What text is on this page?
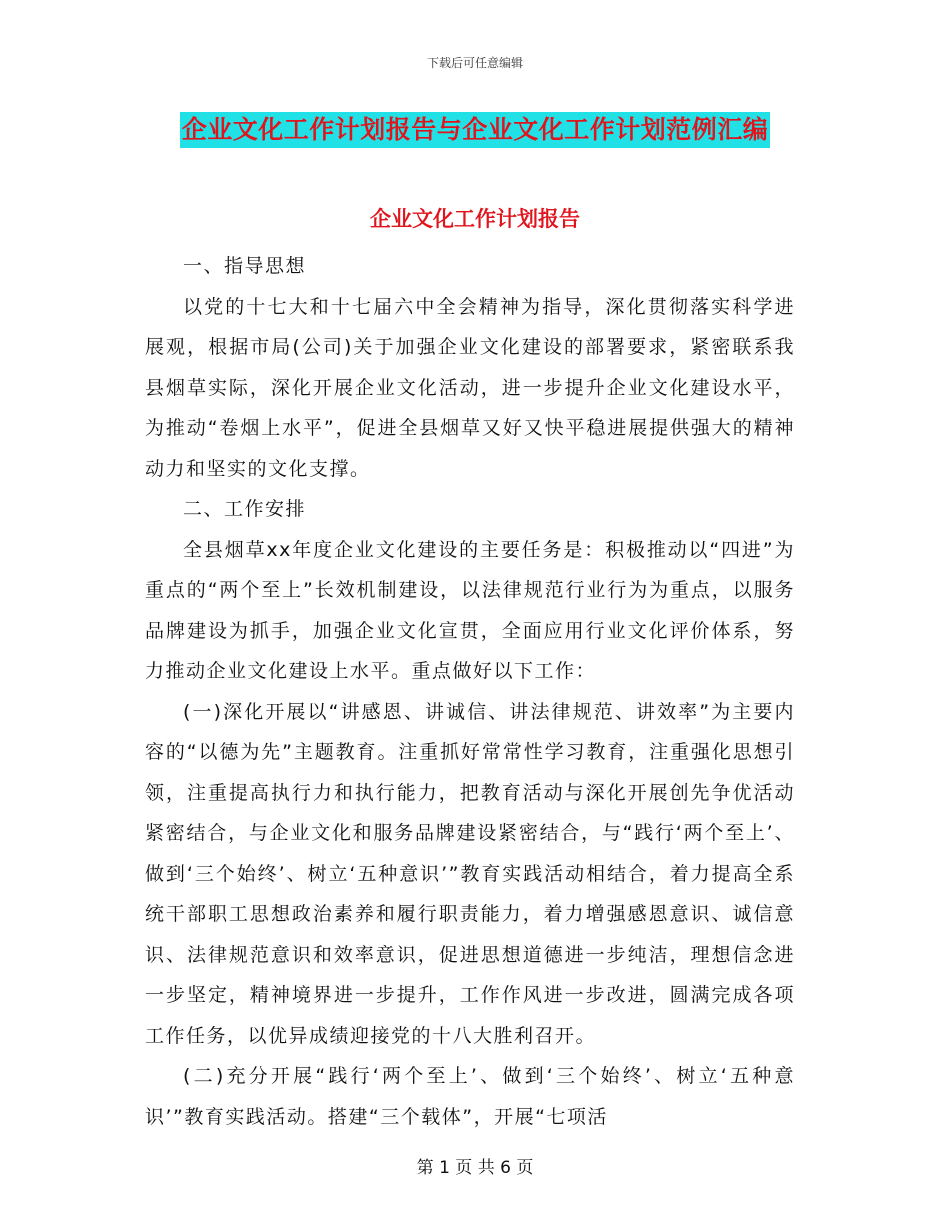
下载后可任意编辑
企业文化工作计划报告与企业文化工作计划范例汇编
企业文化工作计划报告

一、指导思想

以党的十七大和十七届六中全会精神为指导，深化贯彻落实科学进展观，根据市局(公司)关于加强企业文化建设的部署要求，紧密联系我县烟草实际，深化开展企业文化活动，进一步提升企业文化建设水平，为推动“卷烟上水平”，促进全县烟草又好又快平稳进展提供强大的精神动力和坚实的文化支撑。

二、工作安排

全县烟草xx年度企业文化建设的主要任务是：积极推动以“四进”为重点的“两个至上”长效机制建设，以法律规范行业行为为重点，以服务品牌建设为抓手，加强企业文化宣贯，全面应用行业文化评价体系，努力推动企业文化建设上水平。重点做好以下工作：

(一)深化开展以“讲感恩、讲诚信、讲法律规范、讲效率”为主要内容的“以德为先”主题教育。注重抓好常常性学习教育，注重强化思想引领，注重提高执行力和执行能力，把教育活动与深化开展创先争优活动紧密结合，与企业文化和服务品牌建设紧密结合，与“践行‘两个至上’、做到‘三个始终’、树立‘五种意识’”教育实践活动相结合，着力提高全系统干部职工思想政治素养和履行职责能力，着力增强感恩意识、诚信意识、法律规范意识和效率意识，促进思想道德进一步纯洁，理想信念进一步坚定，精神境界进一步提升，工作作风进一步改进，圆满完成各项工作任务，以优异成绩迎接党的十八大胜利召开。

(二)充分开展“践行‘两个至上’、做到‘三个始终’、树立‘五种意识’”教育实践活动。搭建“三个载体”，开展“七项活

第 1 页 共 6 页
